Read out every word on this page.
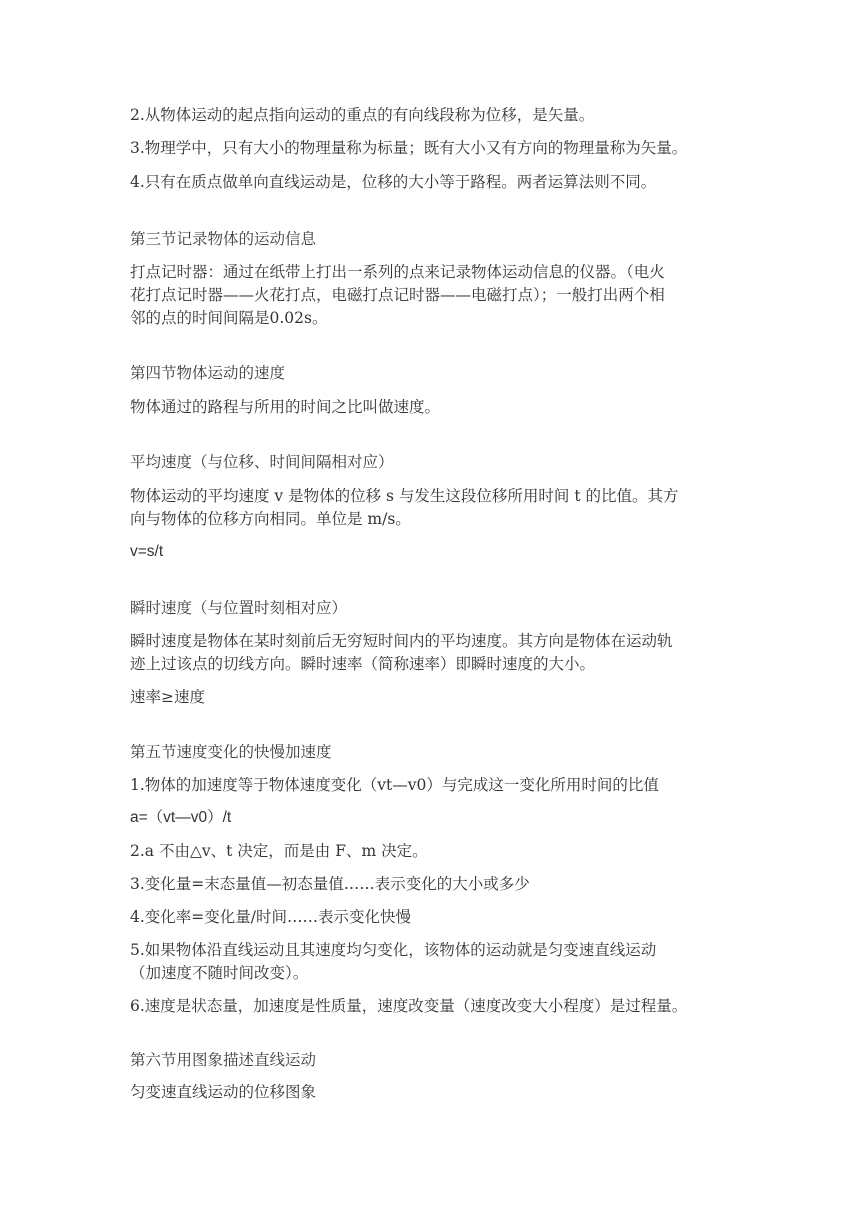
2.从物体运动的起点指向运动的重点的有向线段称为位移，是矢量。
3.物理学中，只有大小的物理量称为标量；既有大小又有方向的物理量称为矢量。
4.只有在质点做单向直线运动是，位移的大小等于路程。两者运算法则不同。
第三节记录物体的运动信息
打点记时器：通过在纸带上打出一系列的点来记录物体运动信息的仪器。（电火
花打点记时器——火花打点，电磁打点记时器——电磁打点）；一般打出两个相
邻的点的时间间隔是0.02s。
第四节物体运动的速度
物体通过的路程与所用的时间之比叫做速度。
平均速度（与位移、时间间隔相对应）
物体运动的平均速度 v 是物体的位移 s 与发生这段位移所用时间 t 的比值。其方
向与物体的位移方向相同。单位是 m/s。
v=s/t
瞬时速度（与位置时刻相对应）
瞬时速度是物体在某时刻前后无穷短时间内的平均速度。其方向是物体在运动轨
迹上过该点的切线方向。瞬时速率（简称速率）即瞬时速度的大小。
速率≥速度
第五节速度变化的快慢加速度
1.物体的加速度等于物体速度变化（vt—v0）与完成这一变化所用时间的比值
a=（vt—v0）/t
2.a 不由△v、t 决定，而是由 F、m 决定。
3.变化量=末态量值—初态量值……表示变化的大小或多少
4.变化率=变化量/时间……表示变化快慢
5.如果物体沿直线运动且其速度均匀变化，该物体的运动就是匀变速直线运动
（加速度不随时间改变）。
6.速度是状态量，加速度是性质量，速度改变量（速度改变大小程度）是过程量。
第六节用图象描述直线运动
匀变速直线运动的位移图象
